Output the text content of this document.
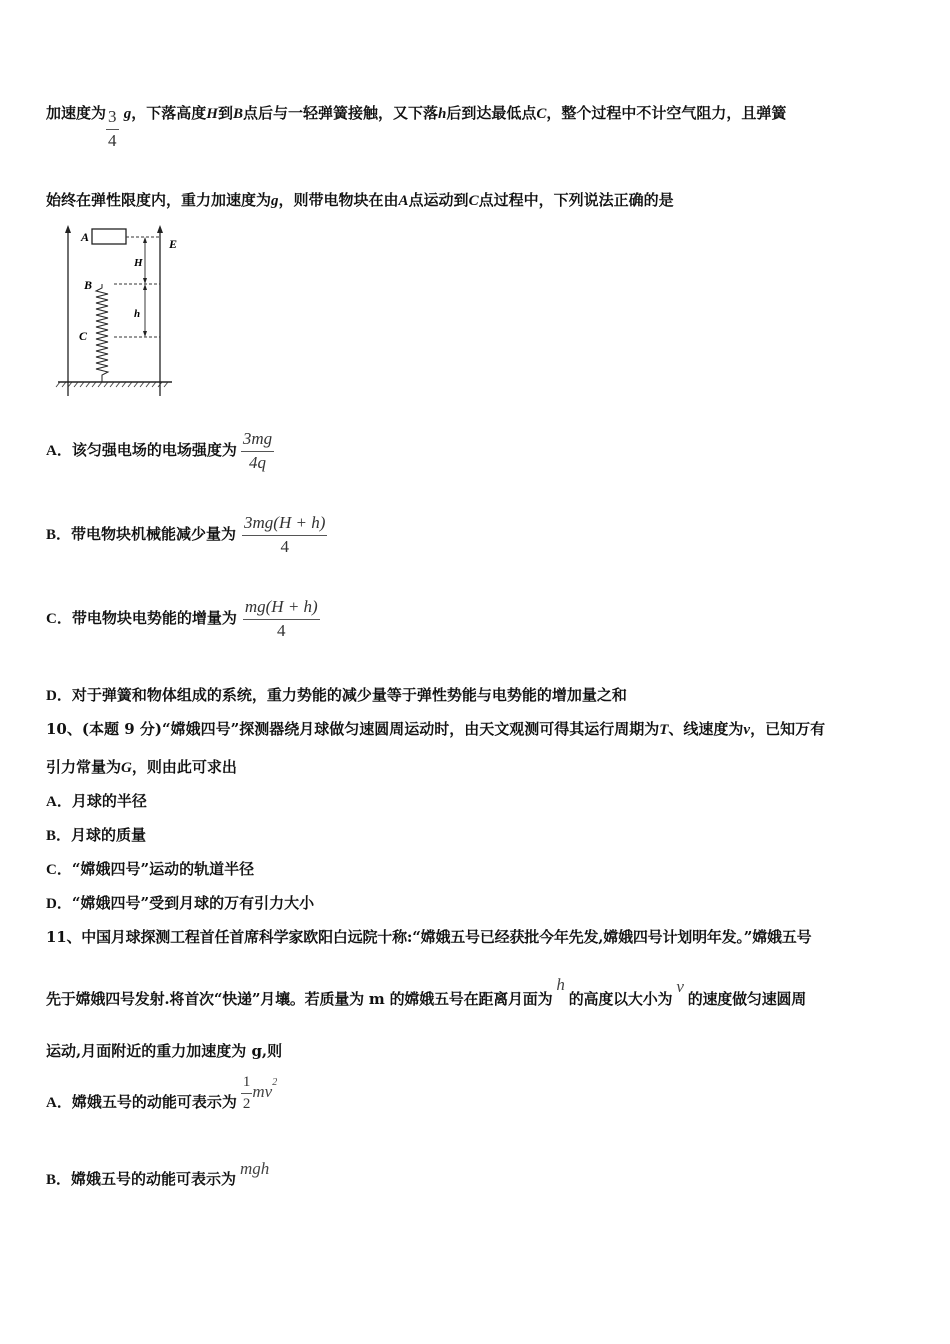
加速度为 $\frac{3}{4}$ g，下落高度H到B点后与一轻弹簧接触，又下落h后到达最低点C，整个过程中不计空气阻力，且弹簧
始终在弹性限度内，重力加速度为g，则带电物块在由A点运动到C点过程中，下列说法正确的是
A
B
C
E
H
h
A．该匀强电场的电场强度为 $\frac{3mg}{4q}$
B．带电物块机械能减少量为 $\frac{3mg(H + h)}{4}$
C．带电物块电势能的增量为 $\frac{mg(H + h)}{4}$
D．对于弹簧和物体组成的系统，重力势能的减少量等于弹性势能与电势能的增加量之和
10、(本题 9 分)“嫦娥四号”探测器绕月球做匀速圆周运动时，由天文观测可得其运行周期为T、线速度为v，已知万有
引力常量为G，则由此可求出
A．月球的半径
B．月球的质量
C．“嫦娥四号”运动的轨道半径
D．“嫦娥四号”受到月球的万有引力大小
11、中国月球探测工程首任首席科学家欧阳白远院十称:“嫦娥五号已经获批今年先发,嫦娥四号计划明年发。”嫦娥五号
先于嫦娥四号发射.将首次“快递”月壤。若质量为 m 的嫦娥五号在距离月面为h的高度以大小为v的速度做匀速圆周
运动,月面附近的重力加速度为 g,则
A．嫦娥五号的动能可表示为 $\frac{1}{2} mv^2$
B．嫦娥五号的动能可表示为mgh
